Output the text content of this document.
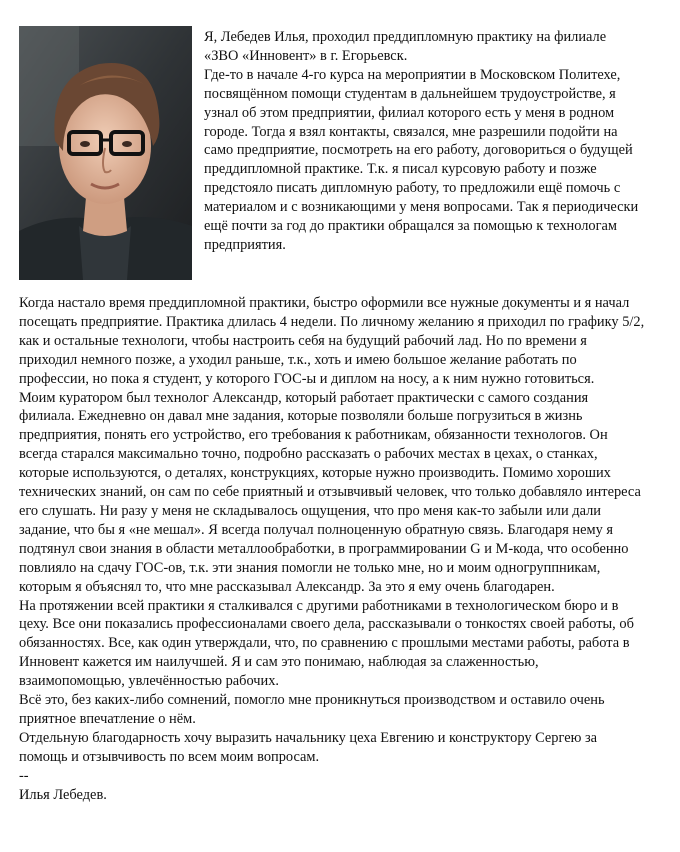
Я, Лебедев Илья, проходил преддипломную практику на филиале «ЗВО «Инновент» в г. Егорьевск.

Где-то в начале 4-го курса на мероприятии в Московском Политехе, посвящённом помощи студентам в дальнейшем трудоустройстве, я узнал об этом предприятии, филиал которого есть у меня в родном городе. Тогда я взял контакты, связался, мне разрешили подойти на само предприятие, посмотреть на его работу, договориться о будущей преддипломной практике. Т.к. я писал курсовую работу и позже предстояло писать дипломную работу, то предложили ещё помочь с материалом и с возникающими у меня вопросами. Так я периодически ещё почти за год до практики обращался за помощью к технологам предприятия.

Когда настало время преддипломной практики, быстро оформили все нужные документы и я начал посещать предприятие. Практика длилась 4 недели. По личному желанию я приходил по графику 5/2, как и остальные технологи, чтобы настроить себя на будущий рабочий лад. Но по времени я приходил немного позже, а уходил раньше, т.к., хоть и имею большое желание работать по профессии, но пока я студент, у которого ГОС-ы и диплом на носу, а к ним нужно готовиться.

Моим куратором был технолог Александр, который работает практически с самого создания филиала. Ежедневно он давал мне задания, которые позволяли больше погрузиться в жизнь предприятия, понять его устройство, его требования к работникам, обязанности технологов. Он всегда старался максимально точно, подробно рассказать о рабочих местах в цехах, о станках, которые используются, о деталях, конструкциях, которые нужно производить. Помимо хороших технических знаний, он сам по себе приятный и отзывчивый человек, что только добавляло интереса его слушать. Ни разу у меня не складывалось ощущения, что про меня как-то забыли или дали задание, что бы я «не мешал». Я всегда получал полноценную обратную связь. Благодаря нему я подтянул свои знания в области металлообработки, в программировании G и M-кода, что особенно повлияло на сдачу ГОС-ов, т.к. эти знания помогли не только мне, но и моим одногруппникам, которым я объяснял то, что мне рассказывал Александр. За это я ему очень благодарен.

На протяжении всей практики я сталкивался с другими работниками в технологическом бюро и в цеху. Все они показались профессионалами своего дела, рассказывали о тонкостях своей работы, об обязанностях. Все, как один утверждали, что, по сравнению с прошлыми местами работы, работа в Инновент кажется им наилучшей. Я и сам это понимаю, наблюдая за слаженностью, взаимопомощью, увлечённостью рабочих.

Всё это, без каких-либо сомнений, помогло мне проникнуться производством и оставило очень приятное впечатление о нём.

Отдельную благодарность хочу выразить начальнику цеха Евгению и конструктору Сергею за помощь и отзывчивость по всем моим вопросам.

--

Илья Лебедев.
